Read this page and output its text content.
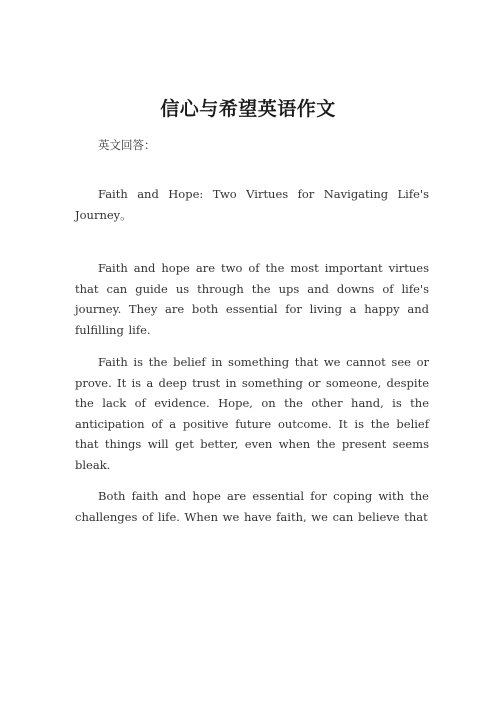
信心与希望英语作文
英文回答：

Faith and Hope: Two Virtues for Navigating Life's Journey。

Faith and hope are two of the most important virtues that can guide us through the ups and downs of life's journey. They are both essential for living a happy and fulfilling life.

Faith is the belief in something that we cannot see or prove. It is a deep trust in something or someone, despite the lack of evidence. Hope, on the other hand, is the anticipation of a positive future outcome. It is the belief that things will get better, even when the present seems bleak.

Both faith and hope are essential for coping with the challenges of life. When we have faith, we can believe that
